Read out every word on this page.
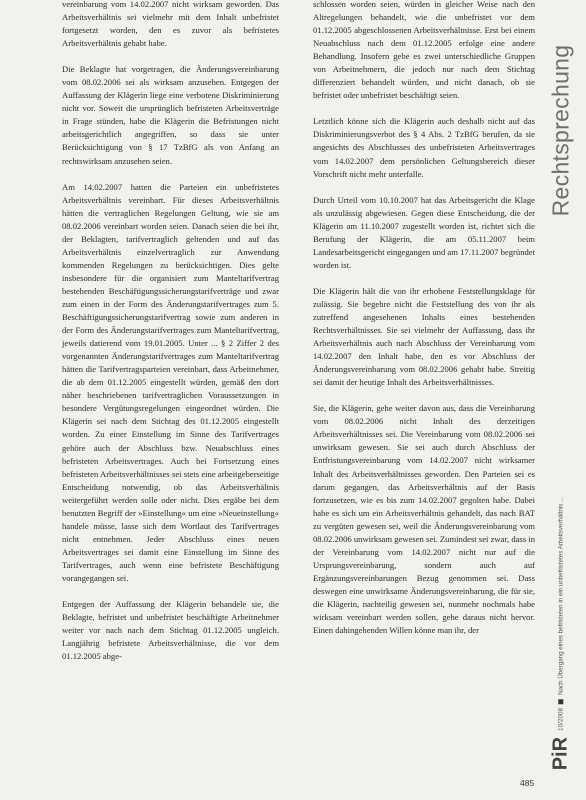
vereinbarung vom 14.02.2007 nicht wirksam geworden. Das Arbeitsverhältnis sei vielmehr mit dem Inhalt unbefristet fortgesetzt worden, den es zuvor als befristetes Arbeitsverhältnis gehabt habe.

Die Beklagte hat vorgetragen, die Änderungsvereinbarung vom 08.02.2006 sei als wirksam anzusehen. Entgegen der Auffassung der Klägerin liege eine verbotene Diskriminierung nicht vor. Soweit die ursprünglich befristeten Arbeitsverträge in Frage stünden, habe die Klägerin die Befristungen nicht arbeitsgerichtlich angegriffen, so dass sie unter Berücksichtigung von § 17 TzBfG als von Anfang an rechtswirksam anzusehen seien.

Am 14.02.2007 hatten die Parteien ein unbefristetes Arbeitsverhältnis vereinbart. Für dieses Arbeitsverhältnis hätten die vertraglichen Regelungen Geltung, wie sie am 08.02.2006 vereinbart worden seien. Danach seien die bei ihr, der Beklagten, tarifvertraglich geltenden und auf das Arbeitsverhältnis einzelvertraglich zur Anwendung kommenden Regelungen zu berücksichtigen. Dies gelte insbesondere für die organisiert zum Manteltarifvertrag bestehenden Beschäftigungssicherungstarifverträge und zwar zum einen in der Form des Änderungstarifvertrages zum 5. Beschäftigungssicherungstarifvertrag sowie zum anderen in der Form des Änderungstarifvertrages zum Manteltarifvertrag, jeweils datierend vom 19.01.2005. Unter ... § 2 Ziffer 2 des vorgenannten Änderungstarifvertrages zum Manteltarifvertrag hätten die Tarifvertragsparteien vereinbart, dass Arbeitnehmer, die ab dem 01.12.2005 eingestellt würden, gemäß den dort näher beschriebenen tarifvertraglichen Voraussetzungen in besondere Vergütungsregelungen eingeordnet würden. Die Klägerin sei nach dem Stichtag des 01.12.2005 eingestellt worden. Zu einer Einstellung im Sinne des Tarifvertrages gehöre auch der Abschluss bzw. Neuabschluss eines befristeten Arbeitsvertrages. Auch bei Fortsetzung eines befristeten Arbeitsverhältnisses sei stets eine arbeitgeberseitige Entscheidung notwendig, ob das Arbeitsverhältnis weitergeführt werden solle oder nicht. Dies ergäbe bei dem benutzten Begriff der »Einstellung« um eine »Neueinstellung« handele müsse, lasse sich dem Wortlaut des Tarifvertrages nicht entnehmen. Jeder Abschluss eines neuen Arbeitsvertrages sei damit eine Einstellung im Sinne des Tarifvertrages, auch wenn eine befristete Beschäftigung vorangegangen sei.

Entgegen der Auffassung der Klägerin behandele sie, die Beklagte, befristet und unbefristet beschäftigte Arbeitnehmer weiter vor nach nach dem Stichtag 01.12.2005 ungleich. Langjährig befristete Arbeitsverhältnisse, die vor dem 01.12.2005 abge-

schlossen worden seien, würden in gleicher Weise nach den Altregelungen behandelt, wie die unbefristet vor dem 01.12.2005 abgeschlossenen Arbeitsverhältnisse. Erst bei einem Neuabschluss nach dem 01.12.2005 erfolge eine andere Behandlung. Insofern gebe es zwei unterschiedliche Gruppen von Arbeitnehmern, die jedoch nur nach dem Stichtag differenziert behandelt würden, und nicht danach, ob sie befristet oder unbefristet beschäftigt seien.

Letztlich könne sich die Klägerin auch deshalb nicht auf das Diskriminierungsverbot des § 4 Abs. 2 TzBfG berufen, da sie angesichts des Abschlusses des unbefristeten Arbeitsvertrages vom 14.02.2007 dem persönlichen Geltungsbereich dieser Vorschrift nicht mehr unterfalle.

Durch Urteil vom 10.10.2007 hat das Arbeitsgericht die Klage als unzulässig abgewiesen. Gegen diese Entscheidung, die der Klägerin am 11.10.2007 zugestellt worden ist, richtet sich die Berufung der Klägerin, die am 05.11.2007 beim Landesarbeitsgericht eingegangen und am 17.11.2007 begründet worden ist.

Die Klägerin hält die von ihr erhobene Feststellungsklage für zulässig. Sie begehre nicht die Feststellung des von ihr als zutreffend angesehenen Inhalts eines bestehenden Rechtsverhältnisses. Sie sei vielmehr der Auffassung, dass ihr Arbeitsverhältnis auch nach Abschluss der Vereinbarung vom 14.02.2007 den Inhalt habe, den es vor Abschluss der Änderungsvereinbarung vom 08.02.2006 gehabt habe. Streitig sei damit der heutige Inhalt des Arbeitsverhältnisses.

Sie, die Klägerin, gehe weiter davon aus, dass die Vereinbarung vom 08.02.2006 nicht Inhalt des derzeitigen Arbeitsverhältnisses sei. Die Vereinbarung vom 08.02.2006 sei unwirksam gewesen. Sie sei auch durch Abschluss der Entfristungsvereinbarung vom 14.02.2007 nicht wirksamer Inhalt des Arbeitsverhältnisses geworden. Den Parteien sei es darum gegangen, das Arbeitsverhältnis auf der Basis fortzusetzen, wie es bis zum 14.02.2007 gegolten habe. Dabei habe es sich um ein Arbeitsverhältnis gehandelt, das nach BAT zu vergüten gewesen sei, weil die Änderungsvereinbarung vom 08.02.2006 unwirksam gewesen sei. Zumindest sei zwar, dass in der Vereinbarung vom 14.02.2007 nicht nur auf die Ursprungsvereinbarung, sondern auch auf Ergänzungsvereinbarungen Bezug genommen sei. Dass deswegen eine unwirksame Änderungsvereinbarung, die für sie, die Klägerin, nachteilig gewesen sei, nunmehr nochmals habe wirksam vereinbart werden sollen, gehe daraus nicht hervor. Einen dahingehenden Willen könne man ihr, der

Rechtsprechung
PiR
10/2008
Nach Übergang eines befristeten in ein unbefristetes Arbeitsverhältnis ...
485
